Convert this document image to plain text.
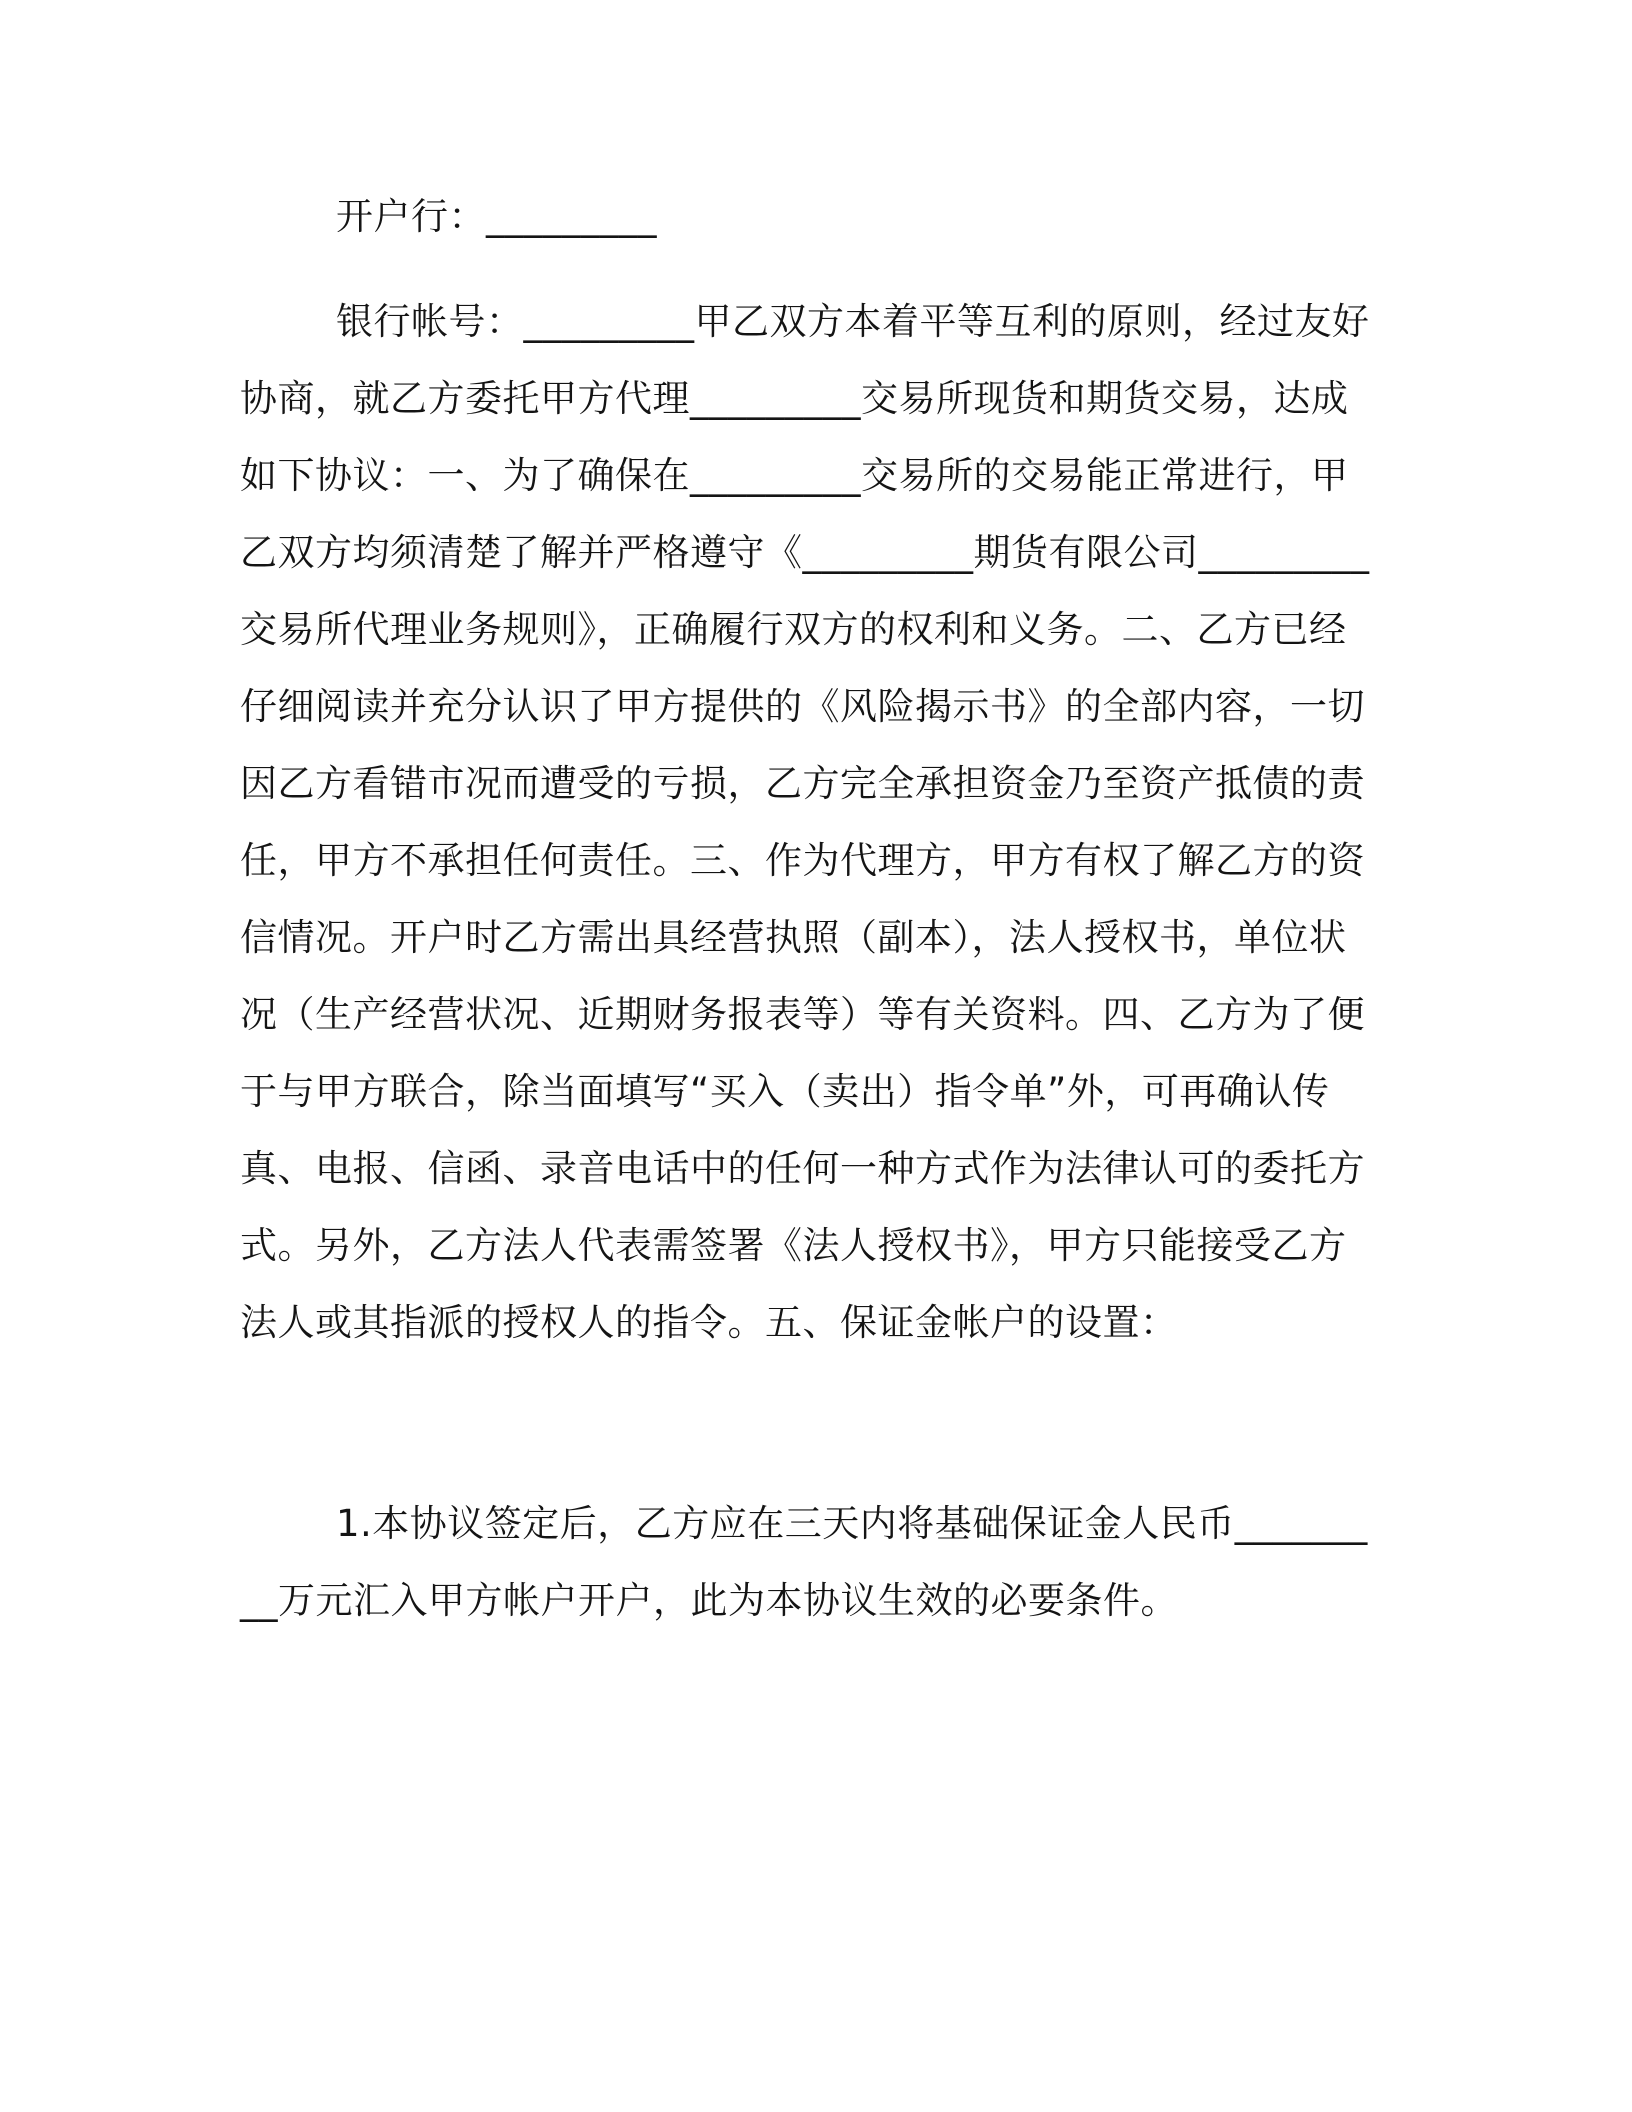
开户行：_________
银行帐号：_________甲乙双方本着平等互利的原则，经过友好协商，就乙方委托甲方代理_________交易所现货和期货交易，达成如下协议：一、为了确保在_________交易所的交易能正常进行，甲乙双方均须清楚了解并严格遵守《_________期货有限公司_________交易所代理业务规则》，正确履行双方的权利和义务。二、乙方已经仔细阅读并充分认识了甲方提供的《风险揭示书》的全部内容，一切因乙方看错市况而遭受的亏损，乙方完全承担资金乃至资产抵债的责任，甲方不承担任何责任。三、作为代理方，甲方有权了解乙方的资信情况。开户时乙方需出具经营执照（副本），法人授权书，单位状况（生产经营状况、近期财务报表等）等有关资料。四、乙方为了便于与甲方联合，除当面填写“买入（卖出）指令单”外，可再确认传真、电报、信函、录音电话中的任何一种方式作为法律认可的委托方式。另外，乙方法人代表需签署《法人授权书》，甲方只能接受乙方法人或其指派的授权人的指令。五、保证金帐户的设置：
1.本协议签定后，乙方应在三天内将基础保证金人民币_________万元汇入甲方帐户开户，此为本协议生效的必要条件。
